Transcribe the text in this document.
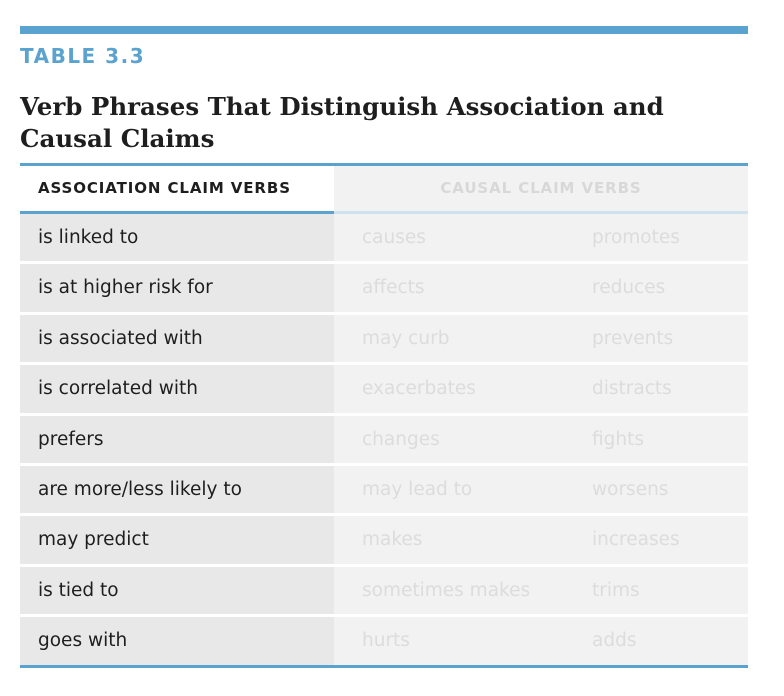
TABLE 3.3
Verb Phrases That Distinguish Association and Causal Claims
ASSOCIATION CLAIM VERBS	CAUSAL CLAIM VERBS
is linked to	causes	promotes
is at higher risk for	affects	reduces
is associated with	may curb	prevents
is correlated with	exacerbates	distracts
prefers	changes	fights
are more/less likely to	may lead to	worsens
may predict	makes	increases
is tied to	sometimes makes	trims
goes with	hurts	adds
